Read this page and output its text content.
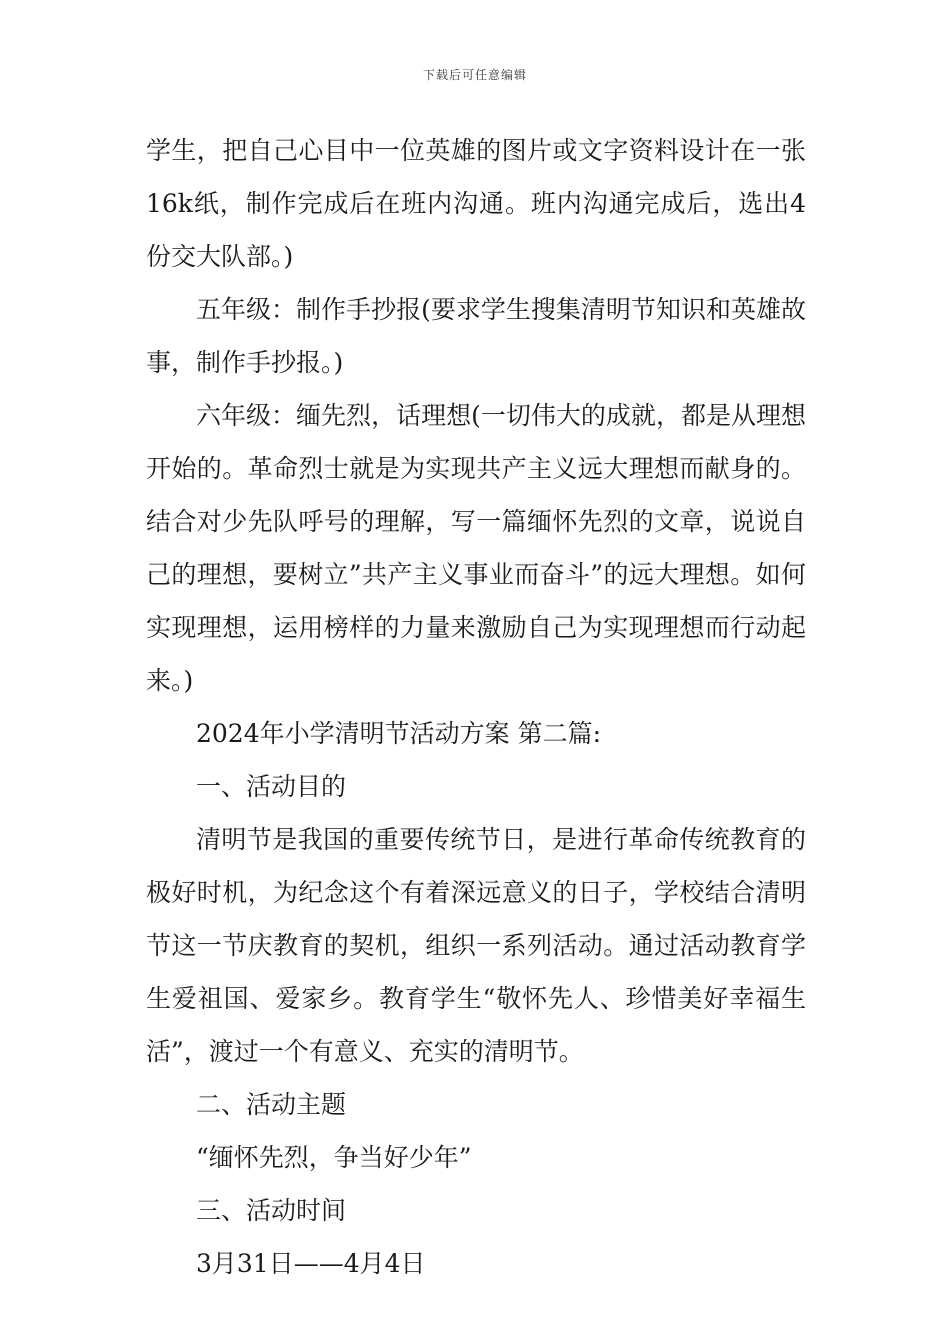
下载后可任意编辑

学生，把自己心目中一位英雄的图片或文字资料设计在一张16k纸，制作完成后在班内沟通。班内沟通完成后，选出4份交大队部。)

五年级：制作手抄报(要求学生搜集清明节知识和英雄故事，制作手抄报。)

六年级：缅先烈，话理想(一切伟大的成就，都是从理想开始的。革命烈士就是为实现共产主义远大理想而献身的。结合对少先队呼号的理解，写一篇缅怀先烈的文章，说说自己的理想，要树立”共产主义事业而奋斗”的远大理想。如何实现理想，运用榜样的力量来激励自己为实现理想而行动起来。)

2024年小学清明节活动方案 第二篇:

一、活动目的

清明节是我国的重要传统节日，是进行革命传统教育的极好时机，为纪念这个有着深远意义的日子，学校结合清明节这一节庆教育的契机，组织一系列活动。通过活动教育学生爱祖国、爱家乡。教育学生“敬怀先人、珍惜美好幸福生活”，渡过一个有意义、充实的清明节。

二、活动主题

“缅怀先烈，争当好少年”

三、活动时间

3月31日——4月4日
